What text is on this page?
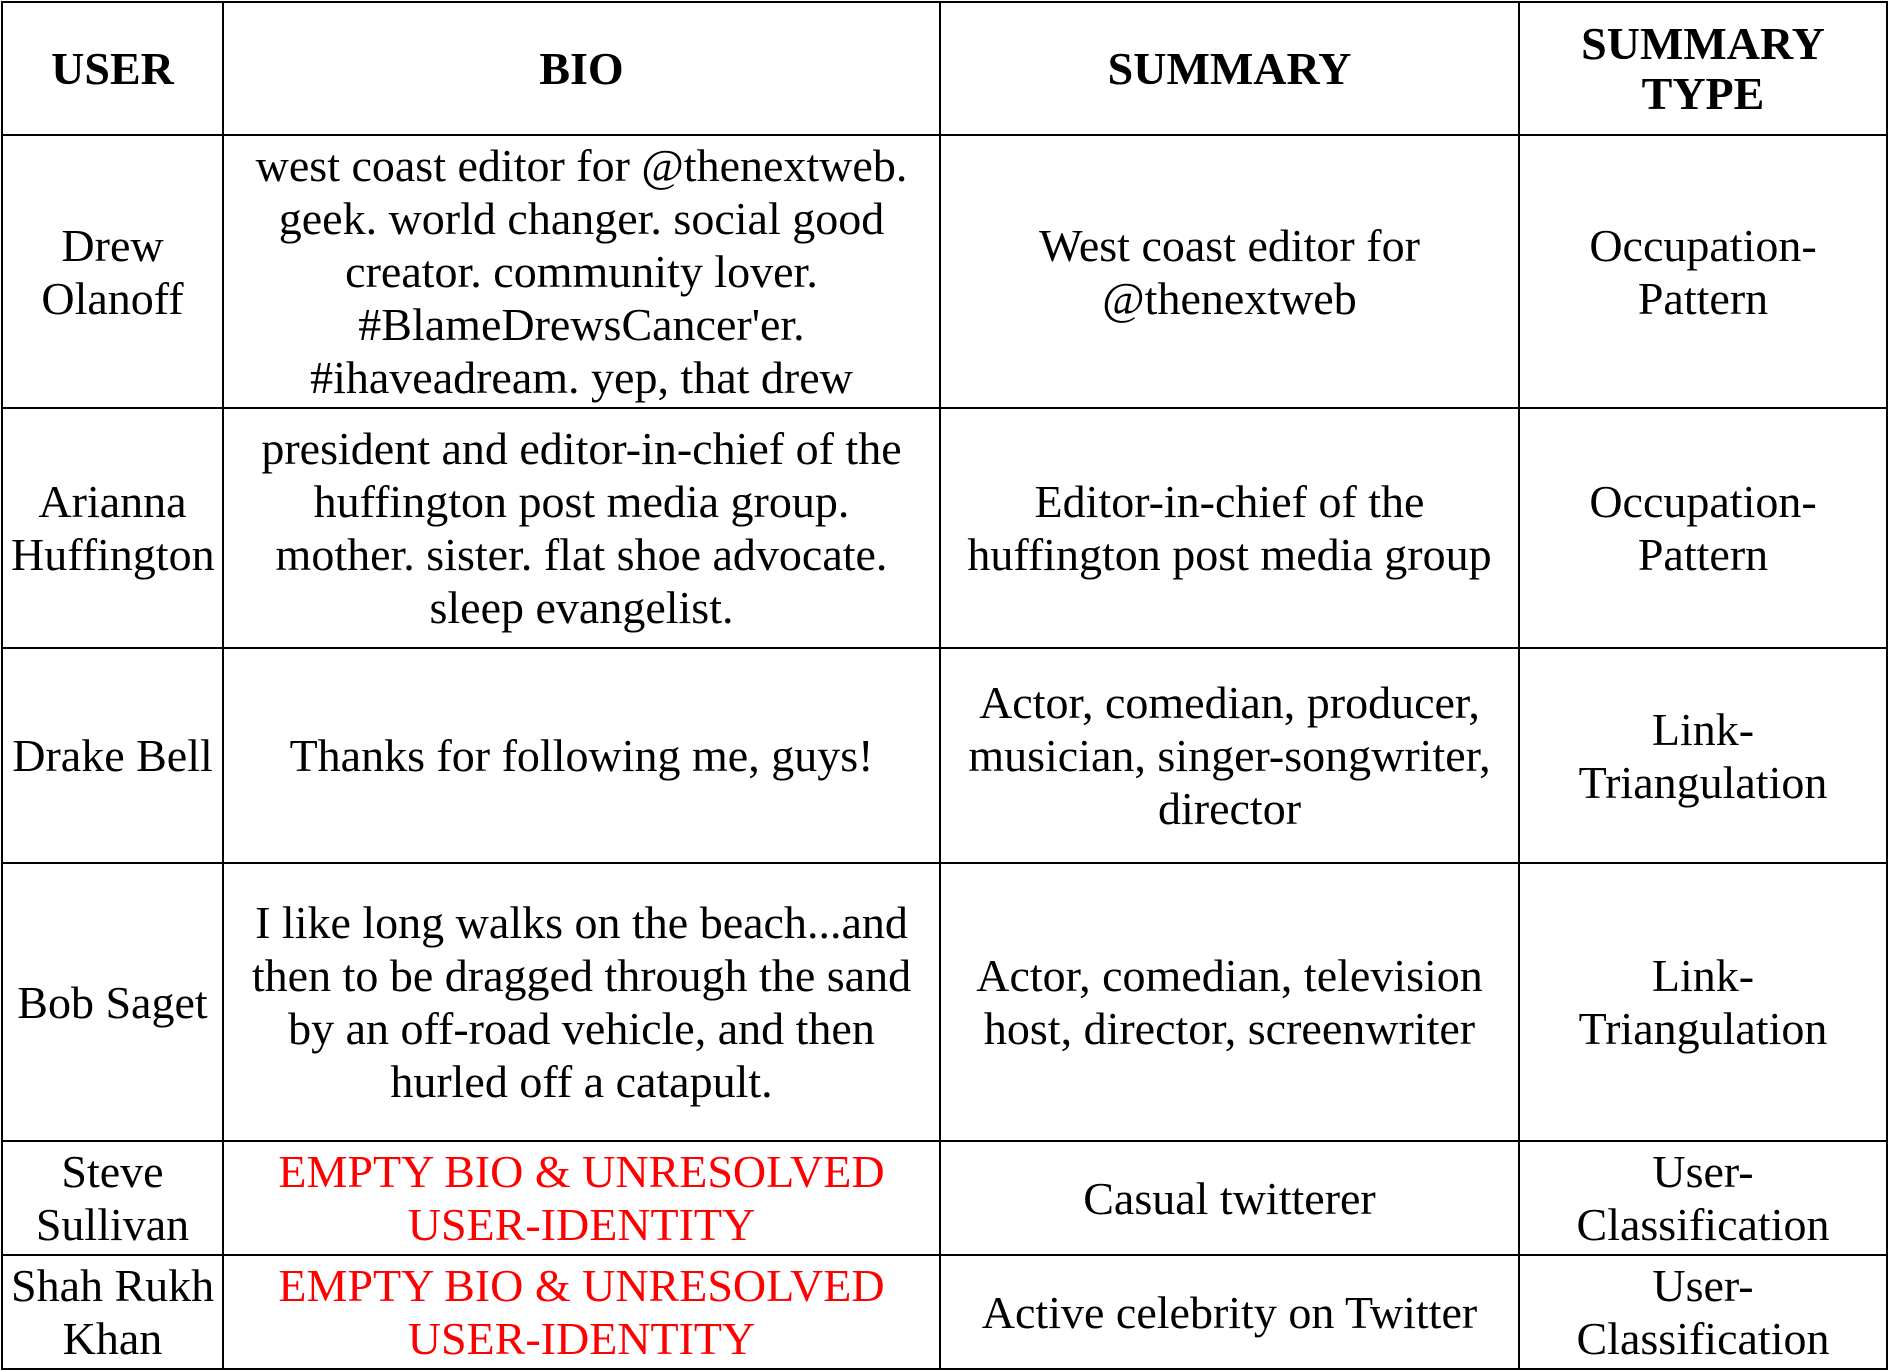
USER	BIO	SUMMARY	SUMMARY
TYPE

Drew
Olanoff	west coast editor for @thenextweb.
geek. world changer. social good
creator. community lover.
#BlameDrewsCancer'er.
#ihaveadream. yep, that drew	West coast editor for
@thenextweb	Occupation-
Pattern

Arianna
Huffington	president and editor-in-chief of the
huffington post media group.
mother. sister. flat shoe advocate.
sleep evangelist.	Editor-in-chief of the
huffington post media group	Occupation-
Pattern

Drake Bell	Thanks for following me, guys!	Actor, comedian, producer,
musician, singer-songwriter,
director	Link-
Triangulation

Bob Saget	I like long walks on the beach...and
then to be dragged through the sand
by an off-road vehicle, and then
hurled off a catapult.	Actor, comedian, television
host, director, screenwriter	Link-
Triangulation

Steve
Sullivan	EMPTY BIO & UNRESOLVED
USER-IDENTITY	Casual twitterer	User-
Classification

Shah Rukh
Khan	EMPTY BIO & UNRESOLVED
USER-IDENTITY	Active celebrity on Twitter	User-
Classification
